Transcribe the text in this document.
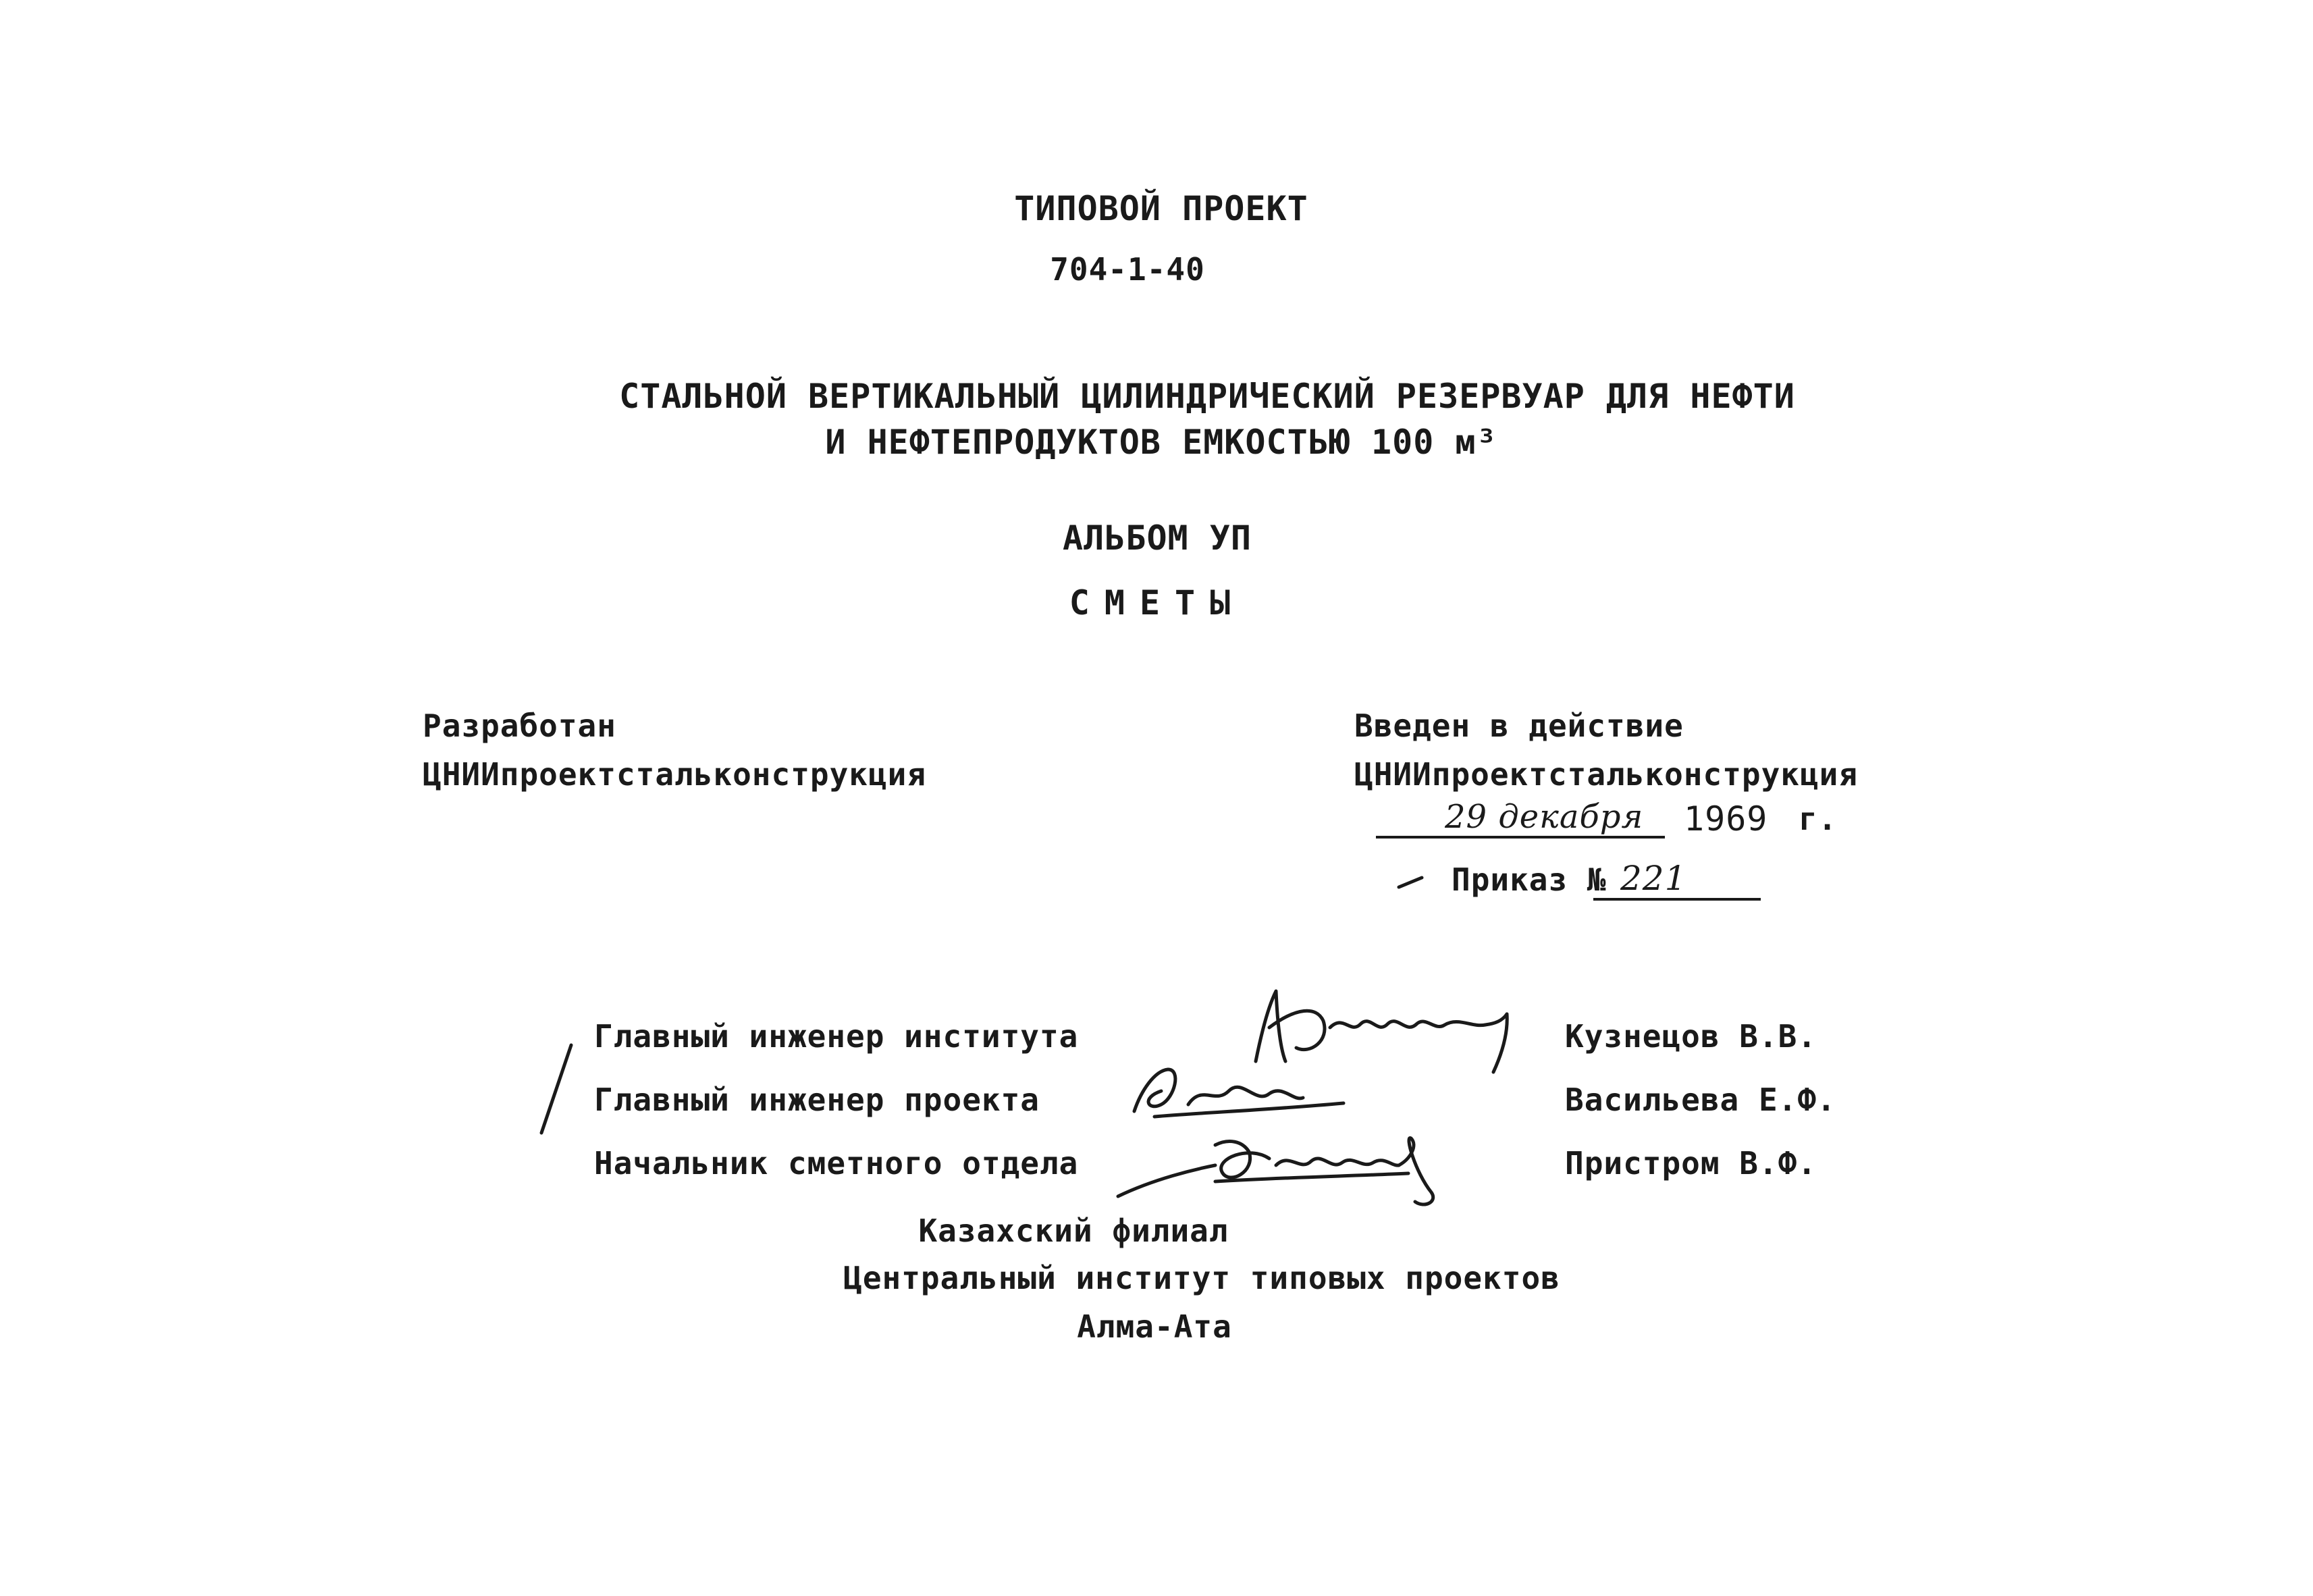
ТИПОВОЙ ПРОЕКТ
704-1-40
СТАЛЬНОЙ ВЕРТИКАЛЬНЫЙ ЦИЛИНДРИЧЕСКИЙ РЕЗЕРВУАР ДЛЯ НЕФТИ
И НЕФТЕПРОДУКТОВ ЕМКОСТЬЮ 100 м³
АЛЬБОМ УП
СМЕТЫ
Разработан
ЦНИИпроектстальконструкция
Введен в действие
ЦНИИпроектстальконструкция
29 декабря 1969 г.
Приказ № 221
Главный инженер института	Кузнецов В.В.
Главный инженер проекта	Васильева Е.Ф.
Начальник сметного отдела	Пристром В.Ф.
Казахский филиал
Центральный институт типовых проектов
Алма-Ата
